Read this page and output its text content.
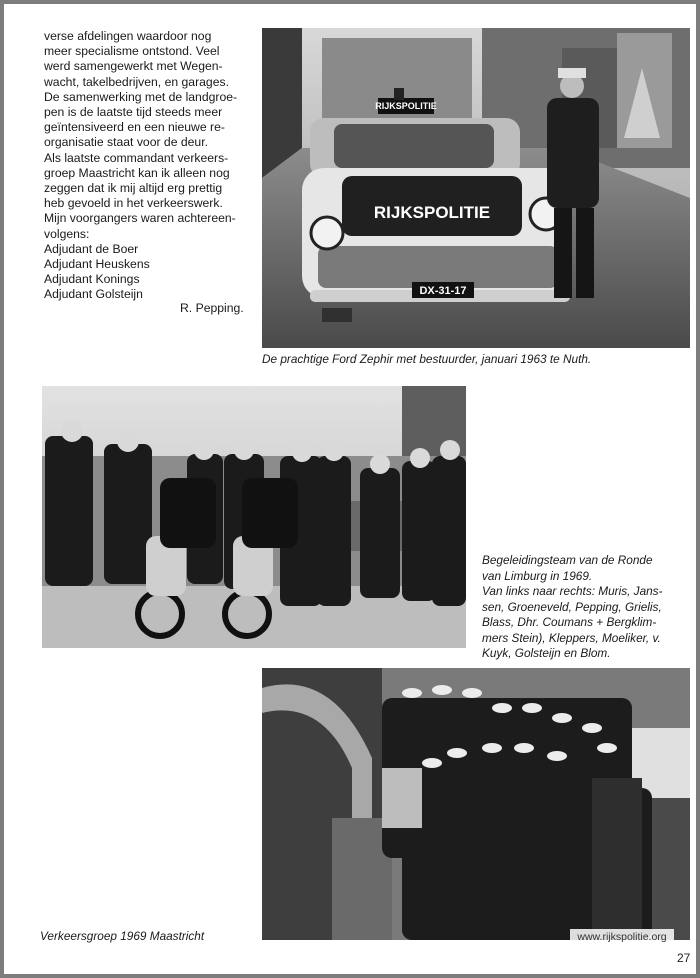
verse afdelingen waardoor nog
meer specialisme ontstond. Veel
werd samengewerkt met Wegen-
wacht, takelbedrijven, en garages.
De samenwerking met de landgroe-
pen is de laatste tijd steeds meer
geïntensiveerd en een nieuwe re-
organisatie staat voor de deur.
Als laatste commandant verkeers-
groep Maastricht kan ik alleen nog
zeggen dat ik mij altijd erg prettig
heb gevoeld in het verkeerswerk.
Mijn voorgangers waren achtereen-
volgens:
Adjudant de Boer
Adjudant Heuskens
Adjudant Konings
Adjudant Golsteijn
R. Pepping.
RIJKSPOLITIE
RIJKSPOLITIE
DX-31-17
De prachtige Ford Zephir met bestuurder, januari 1963 te Nuth.
Begeleidingsteam van de Ronde
van Limburg in 1969.
Van links naar rechts: Muris, Jans-
sen, Groeneveld, Pepping, Grielis,
Blass, Dhr. Coumans + Bergklim-
mers Stein), Kleppers, Moeliker, v.
Kuyk, Golsteijn en Blom.
Verkeersgroep 1969 Maastricht	www.rijkspolitie.org
27
